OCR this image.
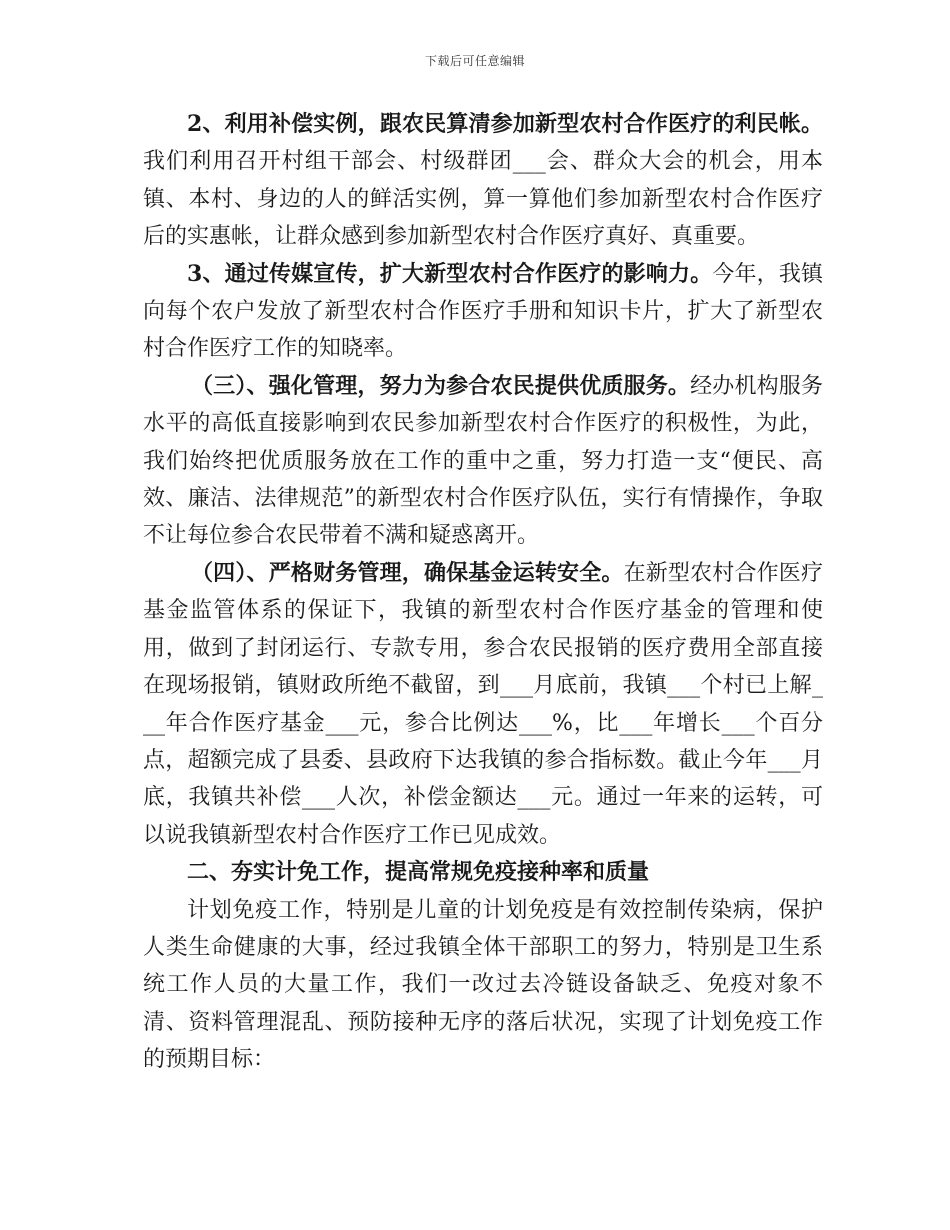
下载后可任意编辑

2、利用补偿实例，跟农民算清参加新型农村合作医疗的利民帐。我们利用召开村组干部会、村级群团___会、群众大会的机会，用本镇、本村、身边的人的鲜活实例，算一算他们参加新型农村合作医疗后的实惠帐，让群众感到参加新型农村合作医疗真好、真重要。

3、通过传媒宣传，扩大新型农村合作医疗的影响力。今年，我镇向每个农户发放了新型农村合作医疗手册和知识卡片，扩大了新型农村合作医疗工作的知晓率。

（三）、强化管理，努力为参合农民提供优质服务。经办机构服务水平的高低直接影响到农民参加新型农村合作医疗的积极性，为此，我们始终把优质服务放在工作的重中之重，努力打造一支“便民、高效、廉洁、法律规范”的新型农村合作医疗队伍，实行有情操作，争取不让每位参合农民带着不满和疑惑离开。

（四）、严格财务管理，确保基金运转安全。在新型农村合作医疗基金监管体系的保证下，我镇的新型农村合作医疗基金的管理和使用，做到了封闭运行、专款专用，参合农民报销的医疗费用全部直接在现场报销，镇财政所绝不截留，到___月底前，我镇___个村已上解___年合作医疗基金___元，参合比例达___%，比___年增长___个百分点，超额完成了县委、县政府下达我镇的参合指标数。截止今年___月底，我镇共补偿___人次，补偿金额达___元。通过一年来的运转，可以说我镇新型农村合作医疗工作已见成效。

二、夯实计免工作，提高常规免疫接种率和质量

计划免疫工作，特别是儿童的计划免疫是有效控制传染病，保护人类生命健康的大事，经过我镇全体干部职工的努力，特别是卫生系统工作人员的大量工作，我们一改过去冷链设备缺乏、免疫对象不清、资料管理混乱、预防接种无序的落后状况，实现了计划免疫工作的预期目标：
